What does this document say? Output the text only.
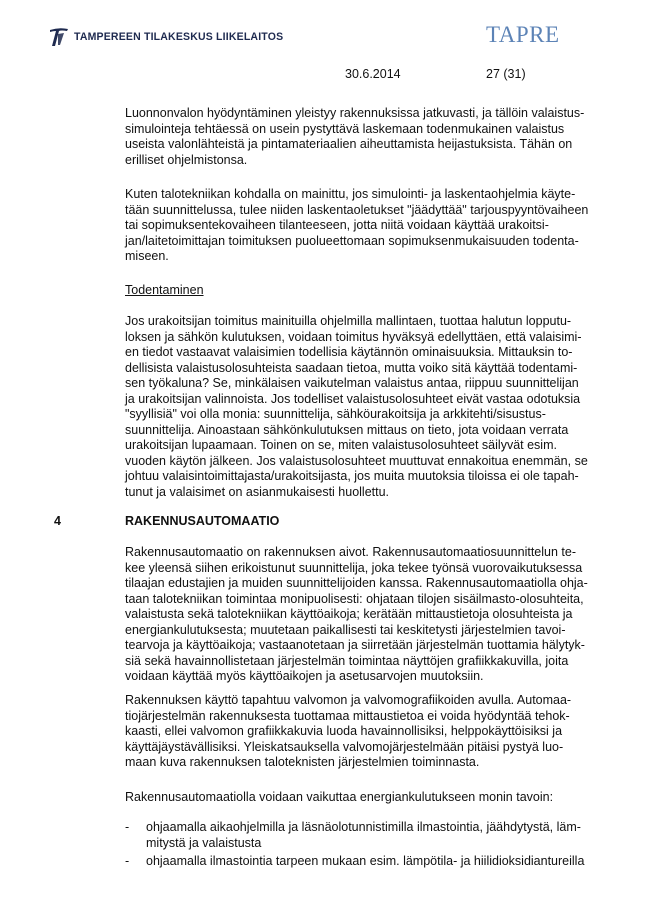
TAMPEREEN TILAKESKUS LIIKELAITOS	TAPRE
30.6.2014	27 (31)

Luonnonvalon hyödyntäminen yleistyy rakennuksissa jatkuvasti, ja tällöin valaistus-
simulointeja tehtäessä on usein pystyttävä laskemaan todenmukainen valaistus
useista valonlähteistä ja pintamateriaalien aiheuttamista heijastuksista. Tähän on
erilliset ohjelmistonsa.

Kuten talotekniikan kohdalla on mainittu, jos simulointi- ja laskentaohjelmia käyte-
tään suunnittelussa, tulee niiden laskentaoletukset "jäädyttää" tarjouspyyntövaiheen
tai sopimuksentekovaiheen tilanteeseen, jotta niitä voidaan käyttää urakoitsi-
jan/laitetoimittajan toimituksen puolueettomaan sopimuksenmukaisuuden todenta-
miseen.

Todentaminen

Jos urakoitsijan toimitus mainituilla ohjelmilla mallintaen, tuottaa halutun lopputu-
loksen ja sähkön kulutuksen, voidaan toimitus hyväksyä edellyttäen, että valaisimi-
en tiedot vastaavat valaisimien todellisia käytännön ominaisuuksia. Mittauksin to-
dellisista valaistusolosuhteista saadaan tietoa, mutta voiko sitä käyttää todentami-
sen työkaluna? Se, minkälaisen vaikutelman valaistus antaa, riippuu suunnittelijan
ja urakoitsijan valinnoista. Jos todelliset valaistusolosuhteet eivät vastaa odotuksia
"syyllisiä" voi olla monia: suunnittelija, sähköurakoitsija ja arkkitehti/sisustus-
suunnittelija. Ainoastaan sähkönkulutuksen mittaus on tieto, jota voidaan verrata
urakoitsijan lupaamaan. Toinen on se, miten valaistusolosuhteet säilyvät esim.
vuoden käytön jälkeen. Jos valaistusolosuhteet muuttuvat ennakoitua enemmän, se
johtuu valaisintoimittajasta/urakoitsijasta, jos muita muutoksia tiloissa ei ole tapah-
tunut ja valaisimet on asianmukaisesti huollettu.

4	RAKENNUSAUTOMAATIO

Rakennusautomaatio on rakennuksen aivot. Rakennusautomaatiosuunnittelun te-
kee yleensä siihen erikoistunut suunnittelija, joka tekee työnsä vuorovaikutuksessa
tilaajan edustajien ja muiden suunnittelijoiden kanssa. Rakennusautomaatiolla ohja-
taan talotekniikan toimintaa monipuolisesti: ohjataan tilojen sisäilmasto-olosuhteita,
valaistusta sekä talotekniikan käyttöaikoja; kerätään mittaustietoja olosuhteista ja
energiankulutuksesta; muutetaan paikallisesti tai keskitetysti järjestelmien tavoi-
tearvoja ja käyttöaikoja; vastaanotetaan ja siirretään järjestelmän tuottamia hälytyk-
siä sekä havainnollistetaan järjestelmän toimintaa näyttöjen grafiikkakuvilla, joita
voidaan käyttää myös käyttöaikojen ja asetusarvojen muutoksiin.

Rakennuksen käyttö tapahtuu valvomon ja valvomografiikoiden avulla. Automaa-
tiojärjestelmän rakennuksesta tuottamaa mittaustietoa ei voida hyödyntää tehok-
kaasti, ellei valvomon grafiikkakuvia luoda havainnollisiksi, helppokäyttöisiksi ja
käyttäjäystävällisiksi. Yleiskatsauksella valvomojärjestelmään pitäisi pystyä luo-
maan kuva rakennuksen taloteknisten järjestelmien toiminnasta.

Rakennusautomaatiolla voidaan vaikuttaa energiankulutukseen monin tavoin:

- ohjaamalla aikaohjelmilla ja läsnäolotunnistimilla ilmastointia, jäähdytystä, läm-
mitystä ja valaistusta
- ohjaamalla ilmastointia tarpeen mukaan esim. lämpötila- ja hiilidioksidiantureilla
